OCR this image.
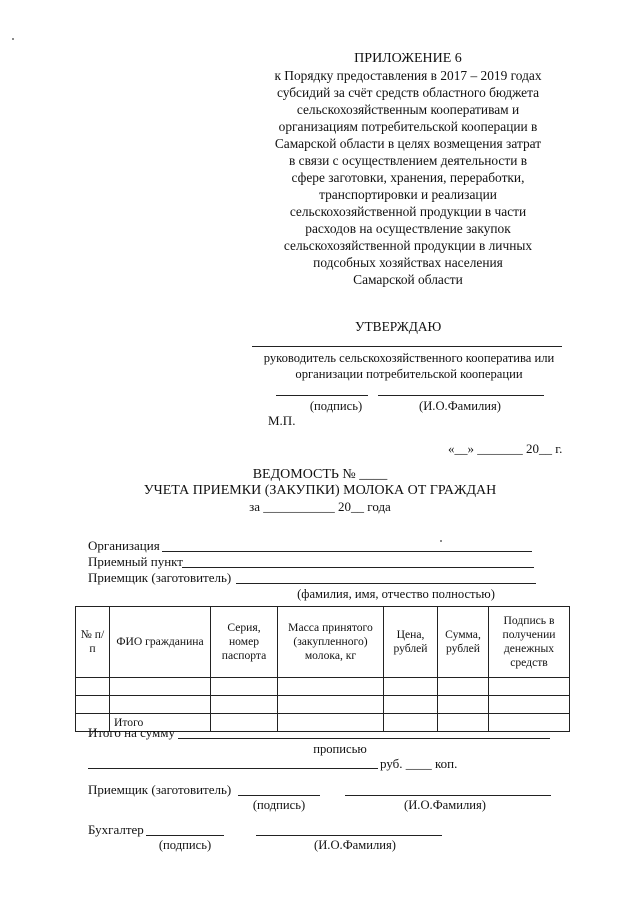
ПРИЛОЖЕНИЕ 6
к Порядку предоставления в 2017 – 2019 годах
субсидий за счёт средств областного бюджета
сельскохозяйственным кооперативам и
организациям потребительской кооперации в
Самарской области в целях возмещения затрат
в связи с осуществлением деятельности в
сфере заготовки, хранения, переработки,
транспортировки и реализации
сельскохозяйственной продукции в части
расходов на осуществление закупок
сельскохозяйственной продукции в личных
подсобных хозяйствах населения
Самарской области
УТВЕРЖДАЮ
руководитель сельскохозяйственного кооператива или
организации потребительской кооперации
(подпись)	(И.О.Фамилия)
М.П.
«__» _______ 20__ г.
ВЕДОМОСТЬ № ____
УЧЕТА ПРИЕМКИ (ЗАКУПКИ) МОЛОКА ОТ ГРАЖДАН
за ___________ 20__ года
Организация
Приемный пункт
Приемщик (заготовитель)
(фамилия, имя, отчество полностью)
№ п/п	ФИО гражданина	Серия, номер паспорта	Масса принятого (закупленного) молока, кг	Цена, рублей	Сумма, рублей	Подпись в получении денежных средств

	Итого					
Итого на сумму
прописью
руб. ____ коп.
Приемщик (заготовитель)
(подпись)	(И.О.Фамилия)
Бухгалтер
(подпись)	(И.О.Фамилия)
